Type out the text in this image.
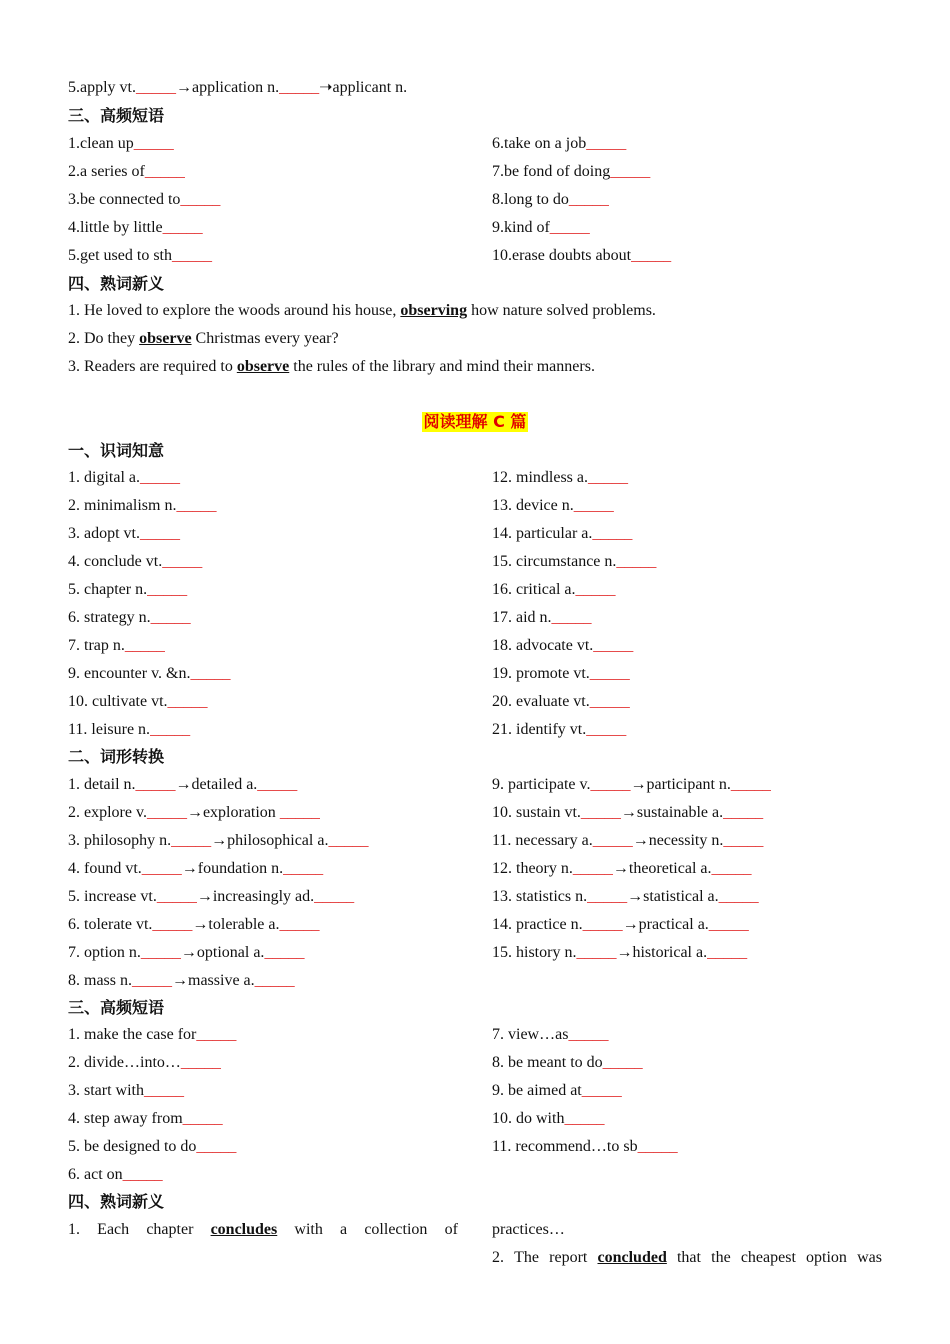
5.apply vt._____→application n._____➝applicant n.
三、高频短语
1.clean up_____
2.a series of_____
3.be connected to_____
4.little by little_____
5.get used to sth_____
6.take on a job_____
7.be fond of doing_____
8.long to do_____
9.kind of_____
10.erase doubts about_____
四、熟词新义
1. He loved to explore the woods around his house, observing how nature solved problems.
2. Do they observe Christmas every year?
3. Readers are required to observe the rules of the library and mind their manners.
阅读理解 C 篇
一、识词知意
1. digital a._____
2. minimalism n._____
3. adopt vt._____
4. conclude vt._____
5. chapter n._____
6. strategy n._____
7. trap n._____
9. encounter v. &n._____
10. cultivate vt._____
11. leisure n._____
12. mindless a._____
13. device n._____
14. particular a._____
15. circumstance n._____
16. critical a._____
17. aid n._____
18. advocate vt._____
19. promote vt._____
20. evaluate vt._____
21. identify vt._____
二、词形转换
1. detail n._____→detailed a._____
2. explore v._____→exploration _____
3. philosophy n._____→philosophical a._____
4. found vt._____→foundation n._____
5. increase vt._____→increasingly ad._____
6. tolerate vt._____→tolerable a._____
7. option n._____→optional a._____
8. mass n._____→massive a._____
9. participate v._____→participant n._____
10. sustain vt._____→sustainable a._____
11. necessary a._____→necessity n._____
12. theory n._____→theoretical a._____
13. statistics n._____→statistical a._____
14. practice n._____→practical a._____
15. history n._____→historical a._____
三、高频短语
1. make the case for_____
2. divide…into…_____
3. start with_____
4. step away from_____
5. be designed to do_____
6. act on_____
7. view…as_____
8. be meant to do_____
9. be aimed at_____
10. do with_____
11. recommend…to sb_____
四、熟词新义
1. Each chapter concludes with a collection of practices…
2. The report concluded that the cheapest option was
